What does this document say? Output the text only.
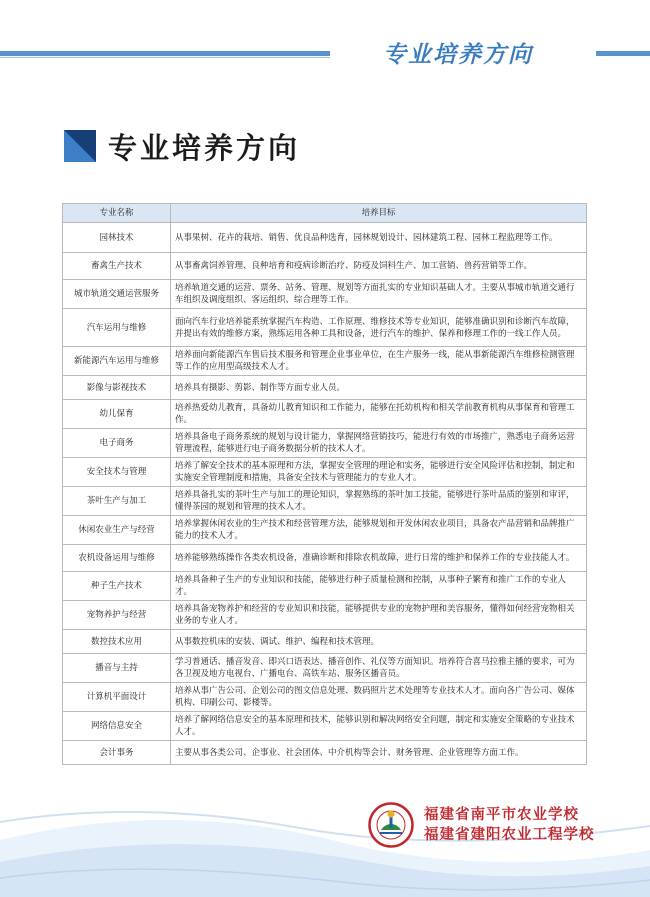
专业培养方向
专业培养方向
专业名称	培养目标
园林技术	从事果树、花卉的栽培、销售、优良品种选育，园林规划设计、园林建筑工程、园林工程监理等工作。
畜禽生产技术	从事畜禽饲养管理、良种培育和疫病诊断治疗、防疫及饲料生产、加工营销、兽药营销等工作。
城市轨道交通运营服务	培养轨道交通的运营、票务、站务、管理、规划等方面扎实的专业知识基础人才。主要从事城市轨道交通行车组织及调度组织、客运组织、综合理等工作。
汽车运用与维修	面向汽车行业培养能系统掌握汽车构造、工作原理、维修技术等专业知识，能够准确识别和诊断汽车故障，并提出有效的维修方案，熟练运用各种工具和设备，进行汽车的维护、保养和修理工作的一线工作人员。
新能源汽车运用与维修	培养面向新能源汽车售后技术服务和管理企业事业单位，在生产服务一线，能从事新能源汽车维修检测管理等工作的应用型高级技术人才。
影像与影视技术	培养具有摄影、剪影、制作等方面专业人员。
幼儿保育	培养热爱幼儿教育，具备幼儿教育知识和工作能力，能够在托幼机构和相关学前教育机构从事保育和管理工作。
电子商务	培养具备电子商务系统的规划与设计能力，掌握网络营销技巧，能进行有效的市场推广，熟悉电子商务运营管理流程，能够进行电子商务数据分析的技术人才。
安全技术与管理	培养了解安全技术的基本原理和方法，掌握安全管理的理论和实务，能够进行安全风险评估和控制，制定和实施安全管理制度和措施，具备安全技术与管理能力的专业人才。
茶叶生产与加工	培养具备扎实的茶叶生产与加工的理论知识，掌握熟练的茶叶加工技能，能够进行茶叶品质的鉴别和审评，懂得茶园的规划和管理的技术人才。
休闲农业生产与经营	培养掌握休闲农业的生产技术和经营管理方法，能够规划和开发休闲农业项目，具备农产品营销和品牌推广能力的技术人才。
农机设备运用与维修	培养能够熟练操作各类农机设备，准确诊断和排除农机故障，进行日常的维护和保养工作的专业技能人才。
种子生产技术	培养具备种子生产的专业知识和技能，能够进行种子质量检测和控制，从事种子繁育和推广工作的专业人才。
宠物养护与经营	培养具备宠物养护和经营的专业知识和技能，能够提供专业的宠物护理和美容服务，懂得如何经营宠物相关业务的专业人才。
数控技术应用	从事数控机床的安装、调试、维护、编程和技术管理。
播音与主持	学习普通话、播音发音、即兴口语表达、播音创作、礼仪等方面知识。培养符合喜马拉雅主播的要求，可为各卫视及地方电视台、广播电台、高铁车站、服务区播音员。
计算机平面设计	培养从事广告公司、企划公司的图文信息处理、数码照片艺术处理等专业技术人才。面向各广告公司、媒体机构、印刷公司、影楼等。
网络信息安全	培养了解网络信息安全的基本原理和技术，能够识别和解决网络安全问题，制定和实施安全策略的专业技术人才。
会计事务	主要从事各类公司、企事业、社会团体、中介机构等会计、财务管理、企业管理等方面工作。
福建省南平市农业学校
福建省建阳农业工程学校
